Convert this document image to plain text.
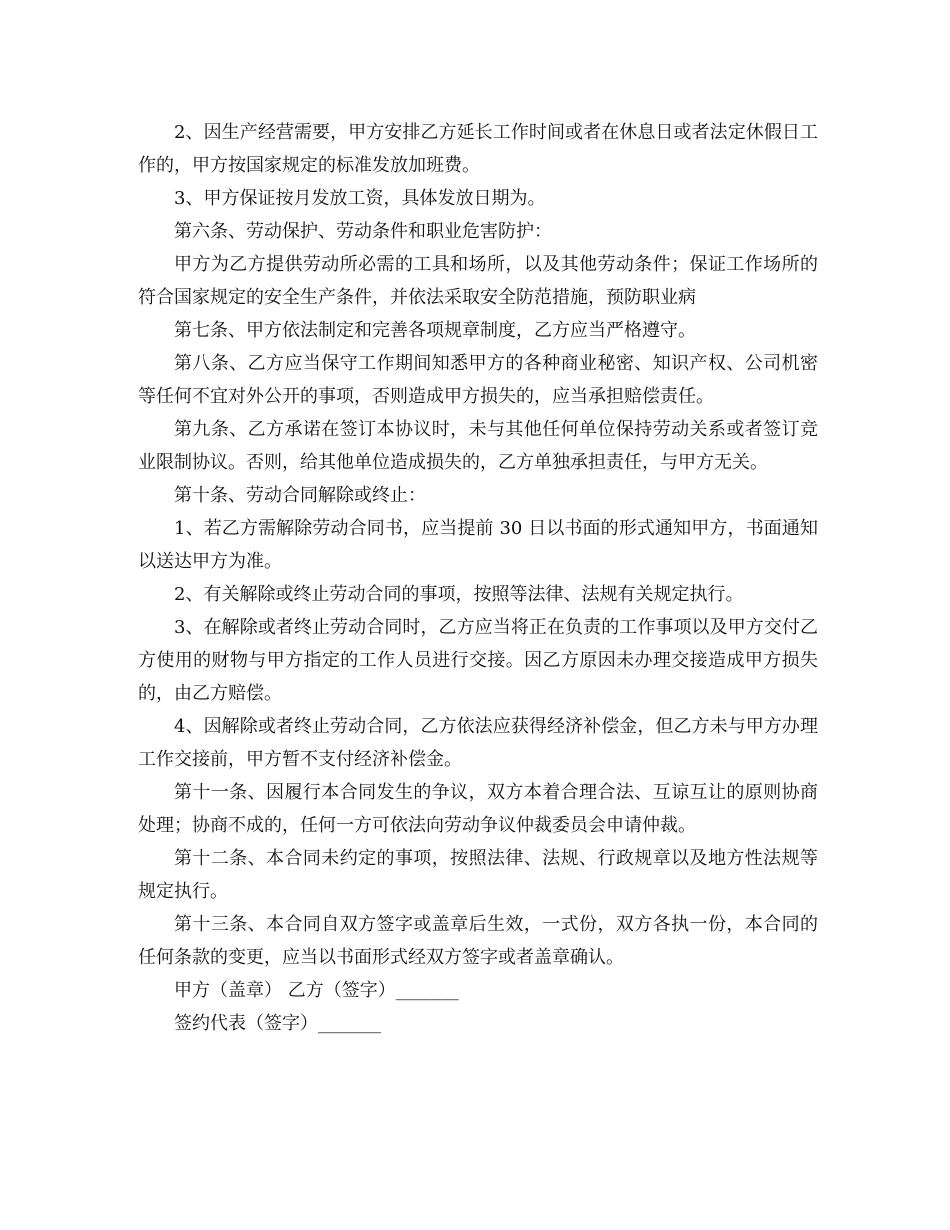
2、因生产经营需要，甲方安排乙方延长工作时间或者在休息日或者法定休假日工作的，甲方按国家规定的标准发放加班费。

3、甲方保证按月发放工资，具体发放日期为。

第六条、劳动保护、劳动条件和职业危害防护：

甲方为乙方提供劳动所必需的工具和场所，以及其他劳动条件；保证工作场所的符合国家规定的安全生产条件，并依法采取安全防范措施，预防职业病

第七条、甲方依法制定和完善各项规章制度，乙方应当严格遵守。

第八条、乙方应当保守工作期间知悉甲方的各种商业秘密、知识产权、公司机密等任何不宜对外公开的事项，否则造成甲方损失的，应当承担赔偿责任。

第九条、乙方承诺在签订本协议时，未与其他任何单位保持劳动关系或者签订竞业限制协议。否则，给其他单位造成损失的，乙方单独承担责任，与甲方无关。

第十条、劳动合同解除或终止：

1、若乙方需解除劳动合同书，应当提前 30 日以书面的形式通知甲方，书面通知以送达甲方为准。

2、有关解除或终止劳动合同的事项，按照等法律、法规有关规定执行。

3、在解除或者终止劳动合同时，乙方应当将正在负责的工作事项以及甲方交付乙方使用的财物与甲方指定的工作人员进行交接。因乙方原因未办理交接造成甲方损失的，由乙方赔偿。

4、因解除或者终止劳动合同，乙方依法应获得经济补偿金，但乙方未与甲方办理工作交接前，甲方暂不支付经济补偿金。

第十一条、因履行本合同发生的争议，双方本着合理合法、互谅互让的原则协商处理；协商不成的，任何一方可依法向劳动争议仲裁委员会申请仲裁。

第十二条、本合同未约定的事项，按照法律、法规、行政规章以及地方性法规等规定执行。

第十三条、本合同自双方签字或盖章后生效，一式份，双方各执一份，本合同的任何条款的变更，应当以书面形式经双方签字或者盖章确认。

甲方（盖章） 乙方（签字）_______

签约代表（签字）_______
